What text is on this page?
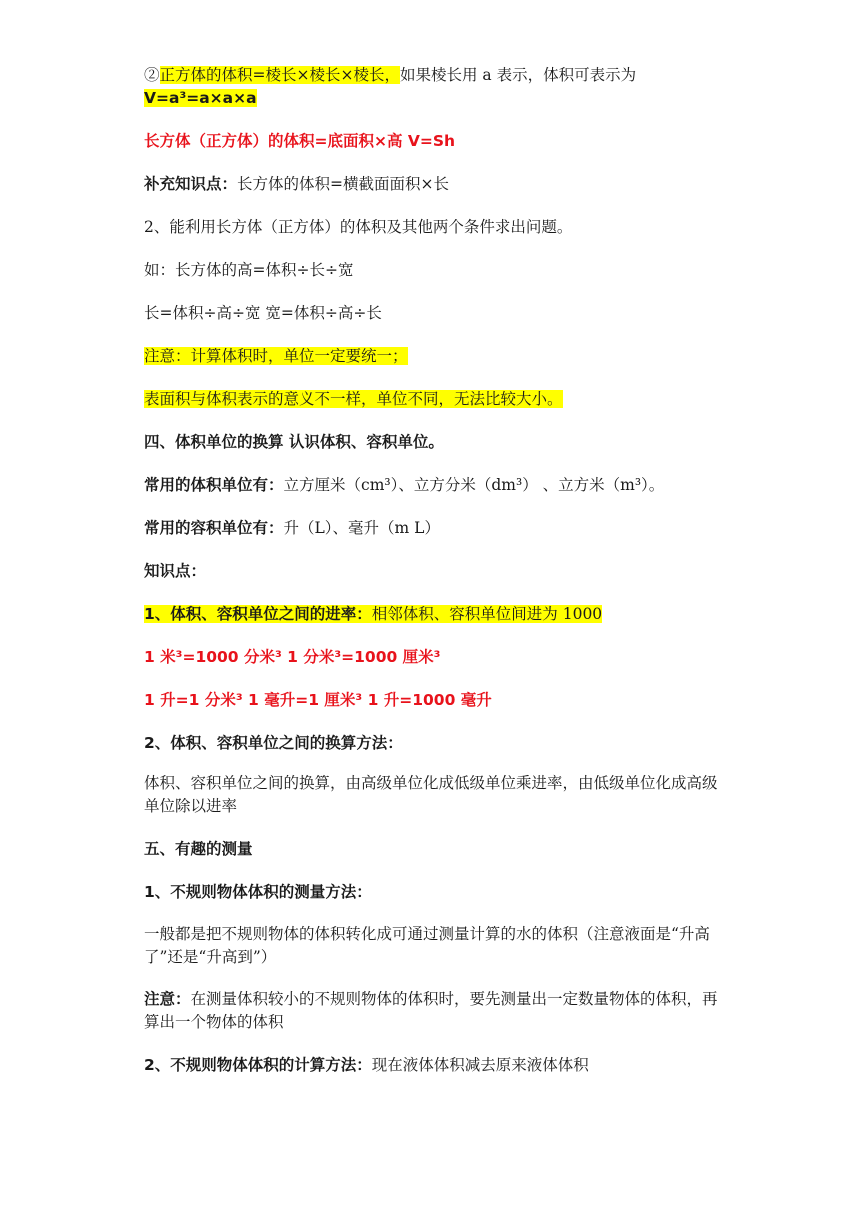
②正方体的体积=棱长×棱长×棱长，如果棱长用 a 表示，体积可表示为

V=a³=a×a×a

长方体（正方体）的体积=底面积×高 V=Sh

补充知识点：长方体的体积=横截面面积×长

2、能利用长方体（正方体）的体积及其他两个条件求出问题。

如：长方体的高=体积÷长÷宽

长=体积÷高÷宽 宽=体积÷高÷长

注意：计算体积时，单位一定要统一；

表面积与体积表示的意义不一样，单位不同，无法比较大小。

四、体积单位的换算 认识体积、容积单位。

常用的体积单位有：立方厘米（cm³）、立方分米（dm³） 、立方米（m³）。

常用的容积单位有：升（L）、毫升（m L）

知识点：

1、体积、容积单位之间的进率：相邻体积、容积单位间进为 1000

1 米³=1000 分米³ 1 分米³=1000 厘米³

1 升=1 分米³ 1 毫升=1 厘米³ 1 升=1000 毫升

2、体积、容积单位之间的换算方法：

体积、容积单位之间的换算，由高级单位化成低级单位乘进率，由低级单位化成高级单位除以进率

五、有趣的测量

1、不规则物体体积的测量方法：

一般都是把不规则物体的体积转化成可通过测量计算的水的体积（注意液面是“升高了”还是“升高到”）

注意：在测量体积较小的不规则物体的体积时，要先测量出一定数量物体的体积，再算出一个物体的体积

2、不规则物体体积的计算方法：现在液体体积减去原来液体体积
